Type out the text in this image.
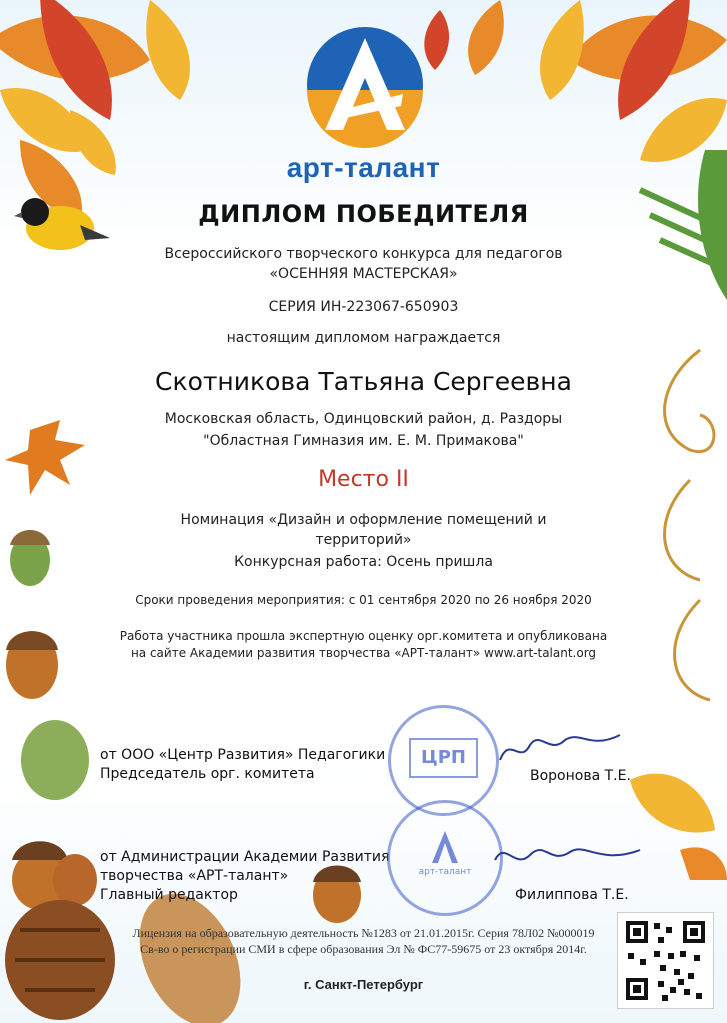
арт-талант
ДИПЛОМ ПОБЕДИТЕЛЯ
Всероссийского творческого конкурса для педагогов
«ОСЕННЯЯ МАСТЕРСКАЯ»
СЕРИЯ ИН-223067-650903
настоящим дипломом награждается
Скотникова Татьяна Сергеевна
Московская область, Одинцовский район, д. Раздоры
"Областная Гимназия им. Е. М. Примакова"
Место II
Номинация «Дизайн и оформление помещений и
территорий»
Конкурсная работа: Осень пришла
Сроки проведения мероприятия: с 01 сентября 2020 по 26 ноября 2020
Работа участника прошла экспертную оценку орг.комитета и опубликована
на сайте Академии развития творчества «АРТ-талант» www.art-talant.org
от ООО «Центр Развития» Педагогики
Председатель орг. комитета
ЦРП
Воронова Т.Е.
от Администрации Академии Развития
творчества «АРТ-талант»
Главный редактор
арт-талант
Филиппова Т.Е.
Лицензия на образовательную деятельность №1283 от 21.01.2015г. Серия 78Л02 №000019
Св-во о регистрации СМИ в сфере образования Эл № ФС77-59675 от 23 октября 2014г.
г. Санкт-Петербург
